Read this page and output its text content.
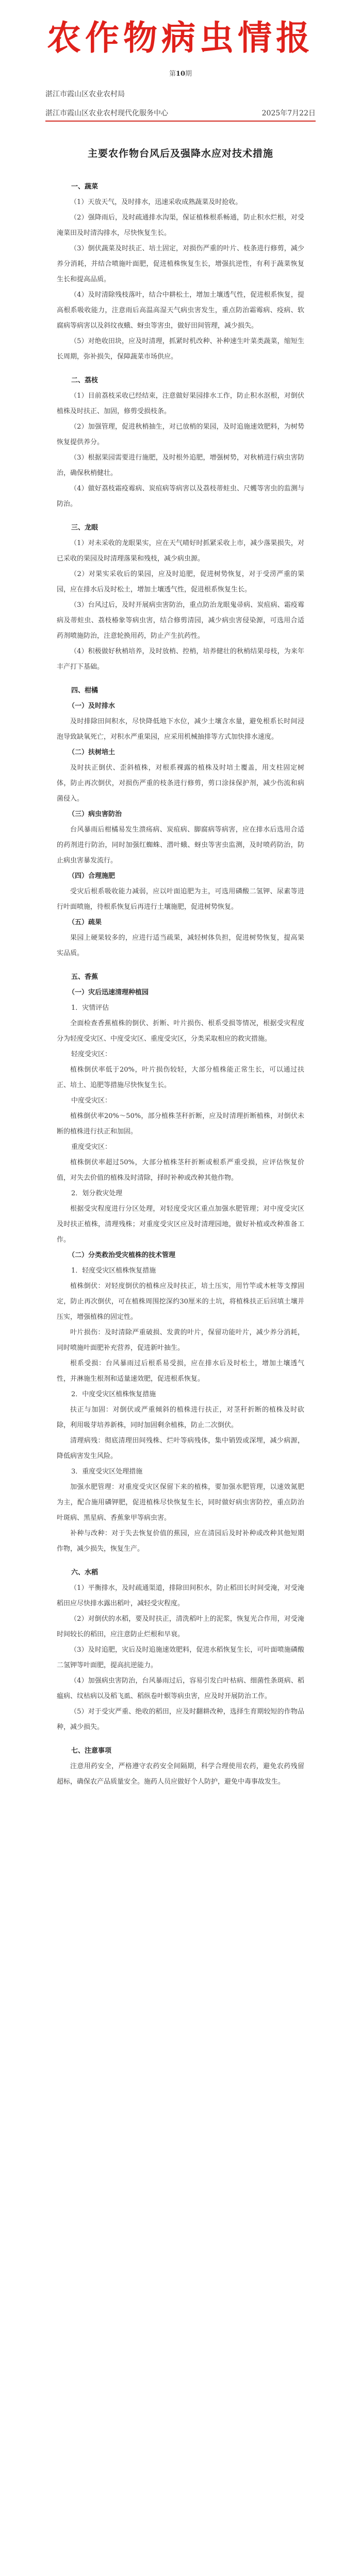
农作物病虫情报
第10期
湛江市霞山区农业农村局
湛江市霞山区农业农村现代化服务中心	2025年7月22日
主要农作物台风后及强降水应对技术措施

一、蔬菜

（1）天放天气，及时排水，迅速采收成熟蔬菜及时抢收。

（2）强降雨后，及时疏通排水沟渠，保证植株根系畅通，防止积水烂根，对受淹菜田及时清沟排水，尽快恢复生长。

（3）倒伏蔬菜及时扶正、培土固定，对损伤严重的叶片、枝条进行修剪，减少养分消耗，并结合喷施叶面肥，促进植株恢复生长，增强抗逆性，有利于蔬菜恢复生长和提高品质。

（4）及时清除残枝落叶，结合中耕松土，增加土壤透气性，促进根系恢复，提高根系吸收能力，注意雨后高温高湿天气病虫害发生，重点防治霜霉病、疫病、软腐病等病害以及斜纹夜蛾、蚜虫等害虫，做好田间管理，减少损失。

（5）对绝收田块，应及时清理，抓紧时机改种、补种速生叶菜类蔬菜，缩短生长周期，弥补损失，保障蔬菜市场供应。

二、荔枝

（1）目前荔枝采收已经结束，注意做好果园排水工作，防止积水沤根，对倒伏植株及时扶正、加固，修剪受损枝条。

（2）加强管理，促进秋梢抽生，对已放梢的果园，及时追施速效肥料，为树势恢复提供养分。

（3）根据果园需要进行施肥，及时根外追肥，增强树势，对秋梢进行病虫害防治，确保秋梢健壮。

（4）做好荔枝霜疫霉病、炭疽病等病害以及荔枝蒂蛀虫、尺蠖等害虫的监测与防治。

三、龙眼

（1）对未采收的龙眼果实，应在天气晴好时抓紧采收上市，减少落果损失，对已采收的果园及时清理落果和残枝，减少病虫源。

（2）对果实采收后的果园，应及时追肥，促进树势恢复，对于受涝严重的果园，应在排水后及时松土，增加土壤透气性，促进根系恢复生长。

（3）台风过后，及时开展病虫害防治，重点防治龙眼鬼帚病、炭疽病、霜疫霉病及蒂蛀虫、荔枝椿象等病虫害，结合修剪清园，减少病虫害侵染源，可选用合适药剂喷施防治，注意轮换用药，防止产生抗药性。

（4）积极做好秋梢培养，及时放梢、控梢，培养健壮的秋梢结果母枝，为来年丰产打下基础。

四、柑橘

（一）及时排水

及时排除田间积水，尽快降低地下水位，减少土壤含水量，避免根系长时间浸泡导致缺氧死亡，对积水严重果园，应采用机械抽排等方式加快排水速度。

（二）扶树培土

及时扶正倒伏、歪斜植株，对根系裸露的植株及时培土覆盖，用支柱固定树体，防止再次倒伏，对损伤严重的枝条进行修剪，剪口涂抹保护剂，减少伤流和病菌侵入。

（三）病虫害防治

台风暴雨后柑橘易发生溃疡病、炭疽病、脚腐病等病害，应在排水后选用合适的药剂进行防治，同时加强红蜘蛛、潜叶蛾、蚜虫等害虫监测，及时喷药防治，防止病虫害暴发流行。

（四）合理施肥

受灾后根系吸收能力减弱，应以叶面追肥为主，可选用磷酸二氢钾、尿素等进行叶面喷施，待根系恢复后再进行土壤施肥，促进树势恢复。

（五）疏果

果园上硬果较多的，应进行适当疏果，减轻树体负担，促进树势恢复，提高果实品质。

五、香蕉

（一）灾后迅速清理种植园

1．灾情评估

全面检查香蕉植株的倒伏、折断、叶片损伤、根系受损等情况，根据受灾程度分为轻度受灾区、中度受灾区、重度受灾区，分类采取相应的救灾措施。

轻度受灾区：

植株倒伏率低于20%，叶片损伤较轻，大部分植株能正常生长，可以通过扶正、培土、追肥等措施尽快恢复生长。

中度受灾区：

植株倒伏率20%～50%，部分植株茎秆折断，应及时清理折断植株，对倒伏未断的植株进行扶正和加固。

重度受灾区：

植株倒伏率超过50%，大部分植株茎秆折断或根系严重受损，应评估恢复价值，对失去价值的植株及时清除，择时补种或改种其他作物。

2．划分救灾处理

根据受灾程度进行分区处理，对轻度受灾区重点加强水肥管理；对中度受灾区及时扶正植株，清理残株；对重度受灾区应及时清理园地，做好补植或改种准备工作。

（二）分类救治受灾植株的技术管理

1．轻度受灾区植株恢复措施

植株倒伏：对轻度倒伏的植株应及时扶正，培土压实，用竹竿或木桩等支撑固定，防止再次倒伏，可在植株周围挖深约30厘米的土坑，将植株扶正后回填土壤并压实，增强植株的固定性。

叶片损伤：及时清除严重破损、发黄的叶片，保留功能叶片，减少养分消耗，同时喷施叶面肥补充营养，促进新叶抽生。

根系受损：台风暴雨过后根系易受损，应在排水后及时松土，增加土壤透气性，并淋施生根剂和适量速效肥，促进根系恢复。

2．中度受灾区植株恢复措施

扶正与加固：对倒伏或严重倾斜的植株进行扶正，对茎秆折断的植株及时砍除，利用吸芽培养新株，同时加固剩余植株，防止二次倒伏。

清理病残：彻底清理田间残株、烂叶等病残体，集中销毁或深埋，减少病源，降低病害发生风险。

3．重度受灾区处理措施

加强水肥管理：对重度受灾区保留下来的植株，要加强水肥管理，以速效氮肥为主，配合施用磷钾肥，促进植株尽快恢复生长，同时做好病虫害防控，重点防治叶斑病、黑星病、香蕉象甲等病虫害。

补种与改种：对于失去恢复价值的蕉园，应在清园后及时补种或改种其他短期作物，减少损失，恢复生产。

六、水稻

（1）平衡排水，及时疏通渠道，排除田间积水，防止稻田长时间受淹，对受淹稻田应尽快排水露出稻叶，减轻受灾程度。

（2）对倒伏的水稻，要及时扶正，清洗稻叶上的泥浆，恢复光合作用，对受淹时间较长的稻田，应注意防止烂根和早衰。

（3）及时追肥，灾后及时追施速效肥料，促进水稻恢复生长，可叶面喷施磷酸二氢钾等叶面肥，提高抗逆能力。

（4）加强病虫害防治，台风暴雨过后，容易引发白叶枯病、细菌性条斑病、稻瘟病、纹枯病以及稻飞虱、稻纵卷叶螟等病虫害，应及时开展防治工作。

（5）对于受灾严重、绝收的稻田，应及时翻耕改种，选择生育期较短的作物品种，减少损失。

七、注意事项

注意用药安全，严格遵守农药安全间隔期，科学合理使用农药，避免农药残留超标，确保农产品质量安全。施药人员应做好个人防护，避免中毒事故发生。
